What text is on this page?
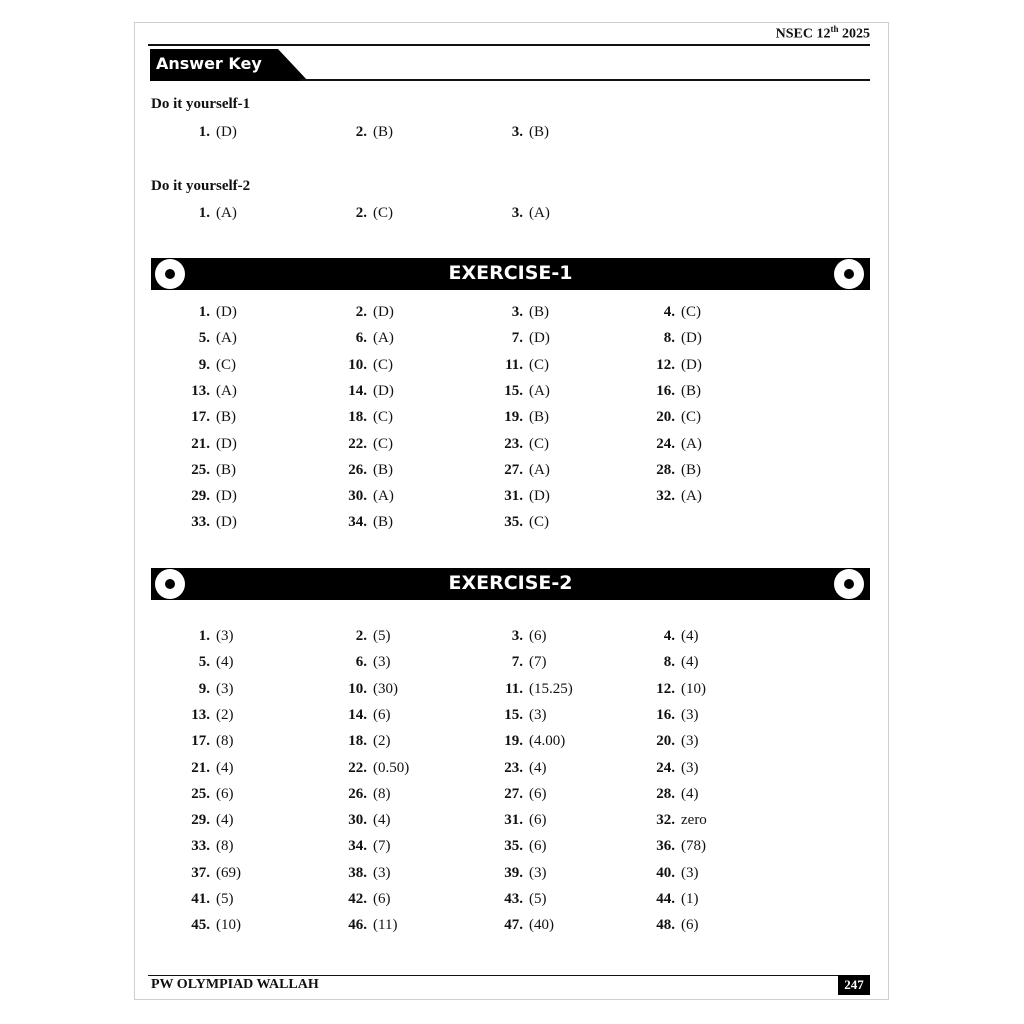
NSEC 12th 2025
Answer Key
Do it yourself-1
1. (D)	2. (B)	3. (B)
Do it yourself-2
1. (A)	2. (C)	3. (A)
EXERCISE-1
1. (D)	2. (D)	3. (B)	4. (C)
5. (A)	6. (A)	7. (D)	8. (D)
9. (C)	10. (C)	11. (C)	12. (D)
13. (A)	14. (D)	15. (A)	16. (B)
17. (B)	18. (C)	19. (B)	20. (C)
21. (D)	22. (C)	23. (C)	24. (A)
25. (B)	26. (B)	27. (A)	28. (B)
29. (D)	30. (A)	31. (D)	32. (A)
33. (D)	34. (B)	35. (C)
EXERCISE-2
1. (3)	2. (5)	3. (6)	4. (4)
5. (4)	6. (3)	7. (7)	8. (4)
9. (3)	10. (30)	11. (15.25)	12. (10)
13. (2)	14. (6)	15. (3)	16. (3)
17. (8)	18. (2)	19. (4.00)	20. (3)
21. (4)	22. (0.50)	23. (4)	24. (3)
25. (6)	26. (8)	27. (6)	28. (4)
29. (4)	30. (4)	31. (6)	32. zero
33. (8)	34. (7)	35. (6)	36. (78)
37. (69)	38. (3)	39. (3)	40. (3)
41. (5)	42. (6)	43. (5)	44. (1)
45. (10)	46. (11)	47. (40)	48. (6)
PW OLYMPIAD WALLAH	247
